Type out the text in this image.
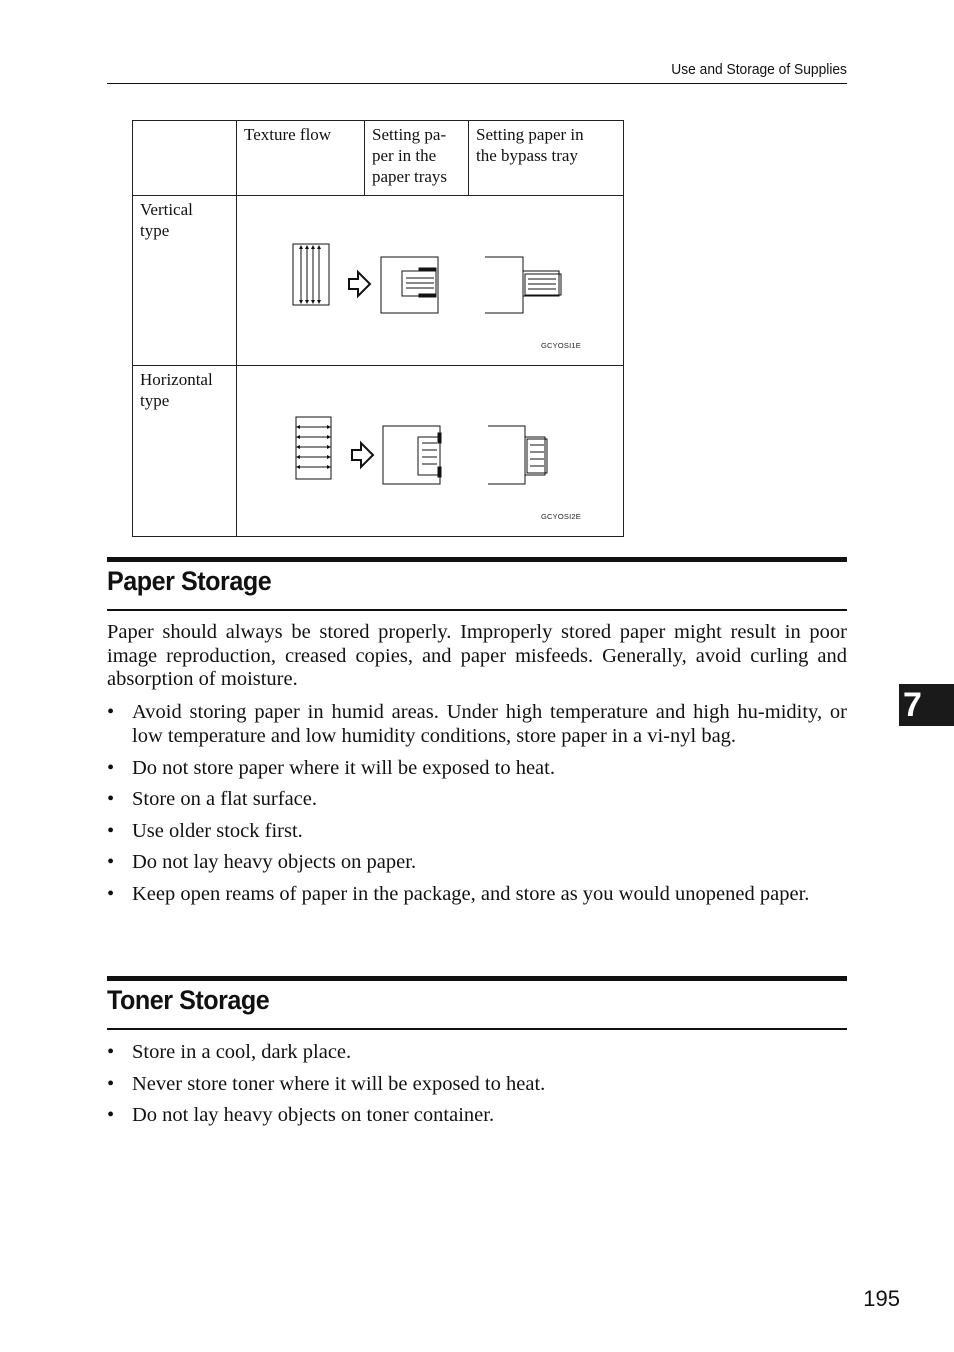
Use and Storage of Supplies
Texture flow	Setting pa-
per in the
paper trays
Setting paper in
the bypass tray
Vertical
type
GCYOSI1E
Horizontal
type
GCYOSI2E
7
Paper Storage

Paper should always be stored properly. Improperly stored paper might result in poor image reproduction, creased copies, and paper misfeeds. Generally, avoid curling and absorption of moisture.

• Avoid storing paper in humid areas. Under high temperature and high hu-midity, or low temperature and low humidity conditions, store paper in a vi-nyl bag.
• Do not store paper where it will be exposed to heat.
• Store on a flat surface.
• Use older stock first.
• Do not lay heavy objects on paper.
• Keep open reams of paper in the package, and store as you would unopened paper.
Toner Storage
• Store in a cool, dark place.
• Never store toner where it will be exposed to heat.
• Do not lay heavy objects on toner container.
195
